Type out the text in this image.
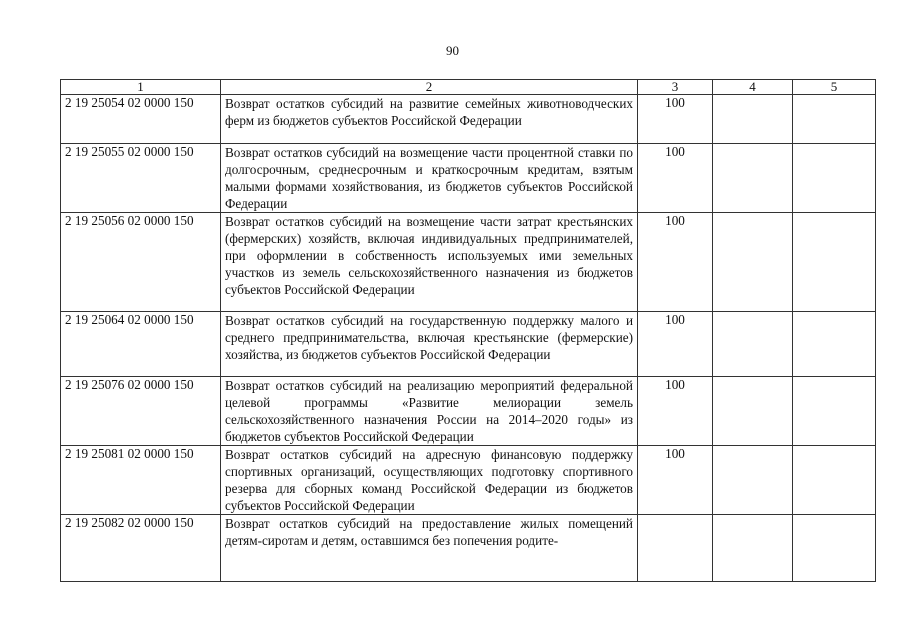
90
1	2	3	4	5
2 19 25054 02 0000 150	Возврат остатков субсидий на развитие семейных животноводческих ферм из бюджетов субъектов Российской Федерации	100		
2 19 25055 02 0000 150	Возврат остатков субсидий на возмещение части процентной ставки по долгосрочным, среднесрочным и краткосрочным кредитам, взятым малыми формами хозяйствования, из бюджетов субъектов Российской Федерации	100		
2 19 25056 02 0000 150	Возврат остатков субсидий на возмещение части затрат крестьянских (фермерских) хозяйств, включая индивидуальных предпринимателей, при оформлении в собственность используемых ими земельных участков из земель сельскохозяйственного назначения из бюджетов субъектов Российской Федерации	100		
2 19 25064 02 0000 150	Возврат остатков субсидий на государственную поддержку малого и среднего предпринимательства, включая крестьянские (фермерские) хозяйства, из бюджетов субъектов Российской Федерации	100		
2 19 25076 02 0000 150	Возврат остатков субсидий на реализацию мероприятий федеральной целевой программы «Развитие мелиорации земель сельскохозяйственного назначения России на 2014–2020 годы» из бюджетов субъектов Российской Федерации	100		
2 19 25081 02 0000 150	Возврат остатков субсидий на адресную финансовую поддержку спортивных организаций, осуществляющих подготовку спортивного резерва для сборных команд Российской Федерации из бюджетов субъектов Российской Федерации	100		
2 19 25082 02 0000 150	Возврат остатков субсидий на предоставление жилых помещений детям-сиротам и детям, оставшимся без попечения родите-			
